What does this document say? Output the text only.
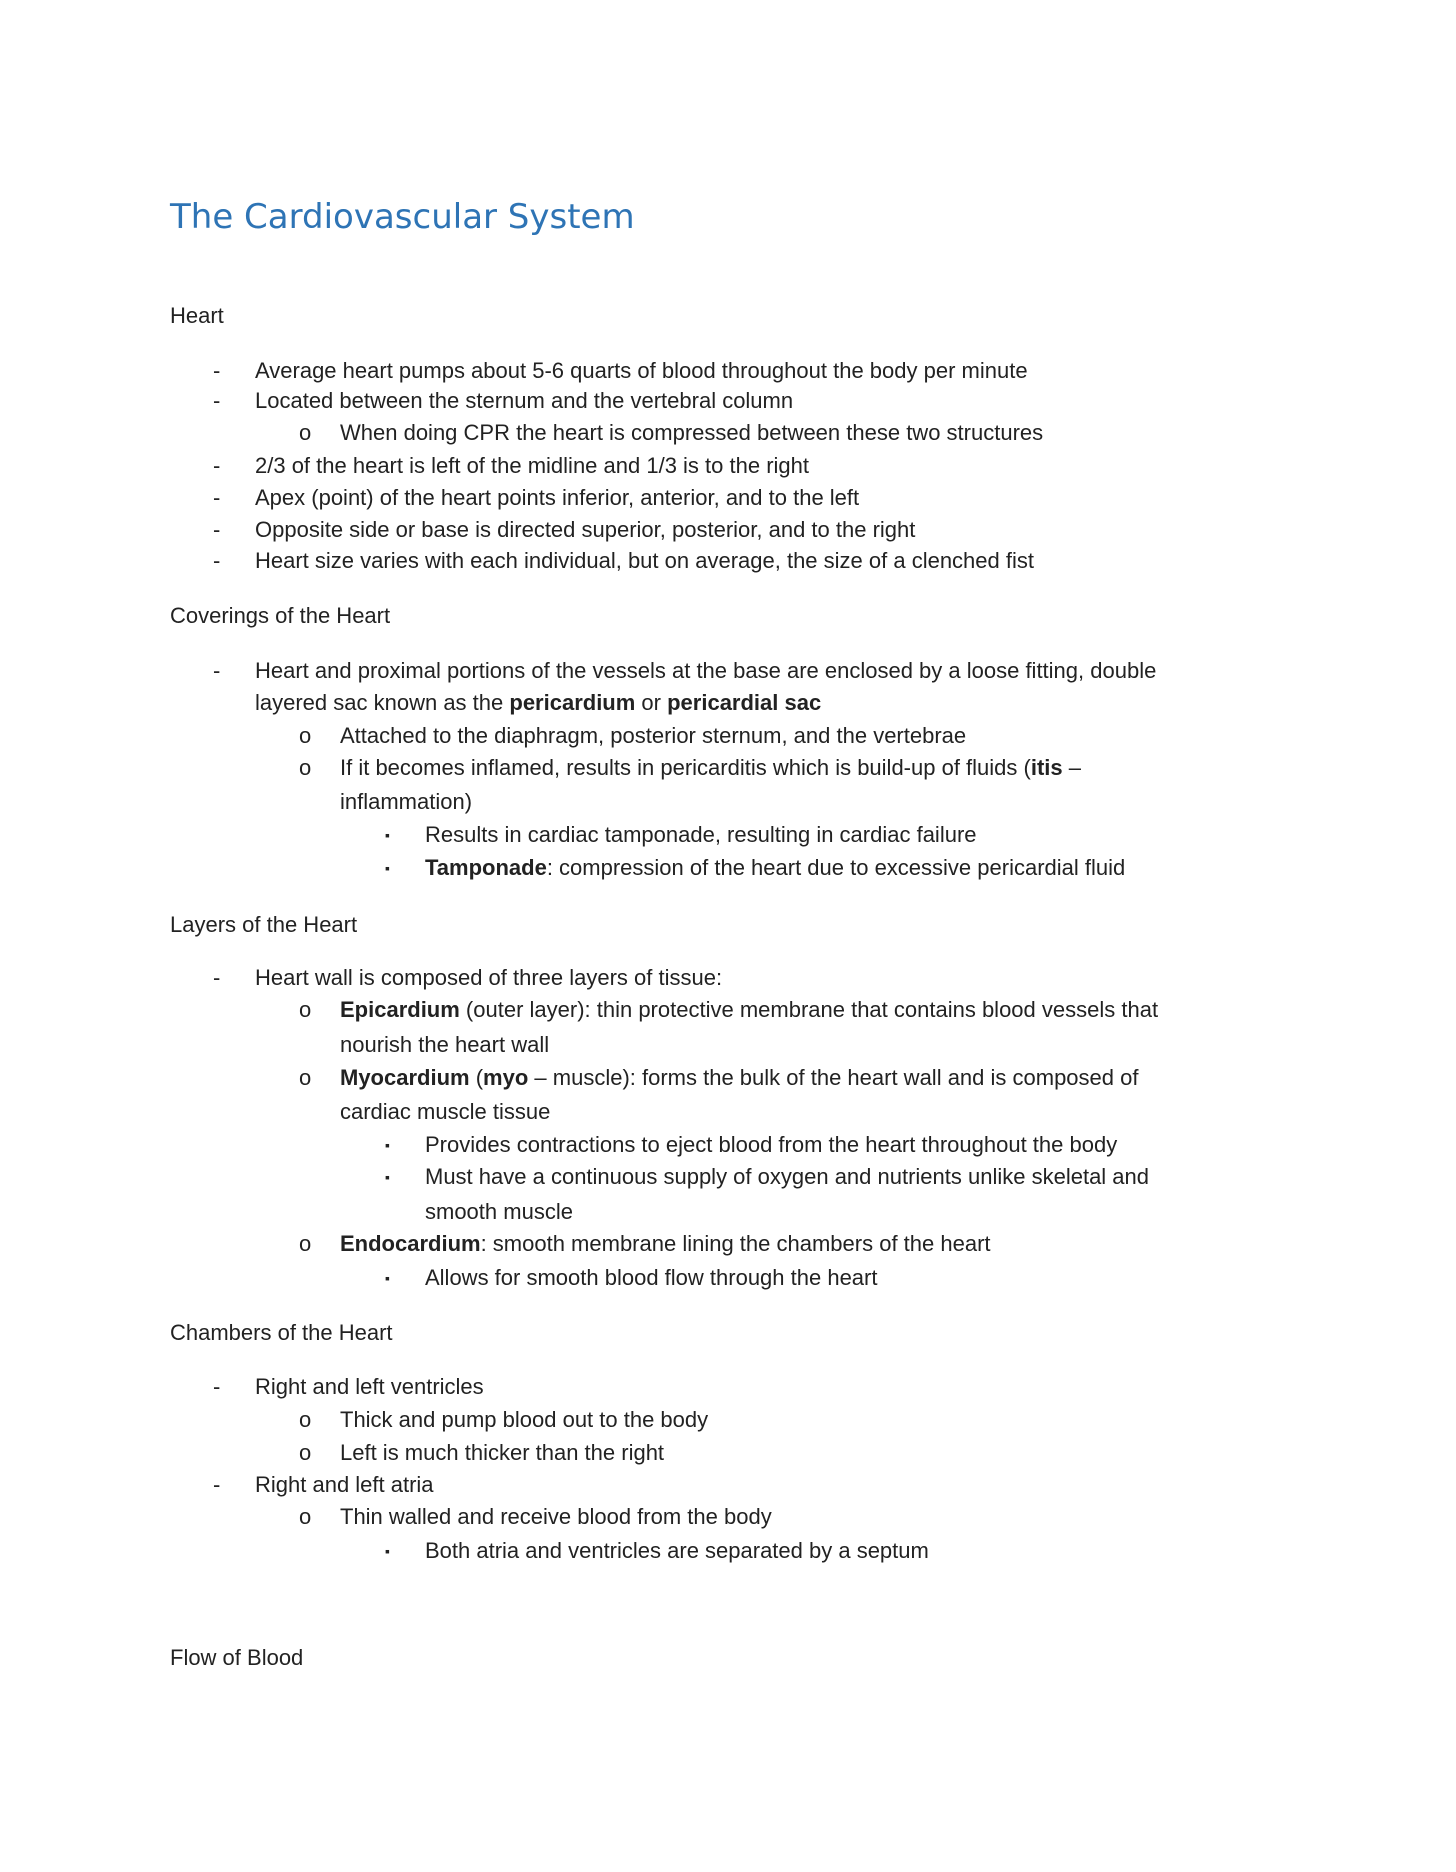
The Cardiovascular System
Heart
- Average heart pumps about 5-6 quarts of blood throughout the body per minute
- Located between the sternum and the vertebral column
o When doing CPR the heart is compressed between these two structures
- 2/3 of the heart is left of the midline and 1/3 is to the right
- Apex (point) of the heart points inferior, anterior, and to the left
- Opposite side or base is directed superior, posterior, and to the right
- Heart size varies with each individual, but on average, the size of a clenched fist
Coverings of the Heart
- Heart and proximal portions of the vessels at the base are enclosed by a loose fitting, double
layered sac known as the pericardium or pericardial sac
o Attached to the diaphragm, posterior sternum, and the vertebrae
o If it becomes inflamed, results in pericarditis which is build-up of fluids (itis –
inflammation)
▪ Results in cardiac tamponade, resulting in cardiac failure
▪ Tamponade: compression of the heart due to excessive pericardial fluid
Layers of the Heart
- Heart wall is composed of three layers of tissue:
o Epicardium (outer layer): thin protective membrane that contains blood vessels that
nourish the heart wall
o Myocardium (myo – muscle): forms the bulk of the heart wall and is composed of
cardiac muscle tissue
▪ Provides contractions to eject blood from the heart throughout the body
▪ Must have a continuous supply of oxygen and nutrients unlike skeletal and
smooth muscle
o Endocardium: smooth membrane lining the chambers of the heart
▪ Allows for smooth blood flow through the heart
Chambers of the Heart
- Right and left ventricles
o Thick and pump blood out to the body
o Left is much thicker than the right
- Right and left atria
o Thin walled and receive blood from the body
▪ Both atria and ventricles are separated by a septum
Flow of Blood
